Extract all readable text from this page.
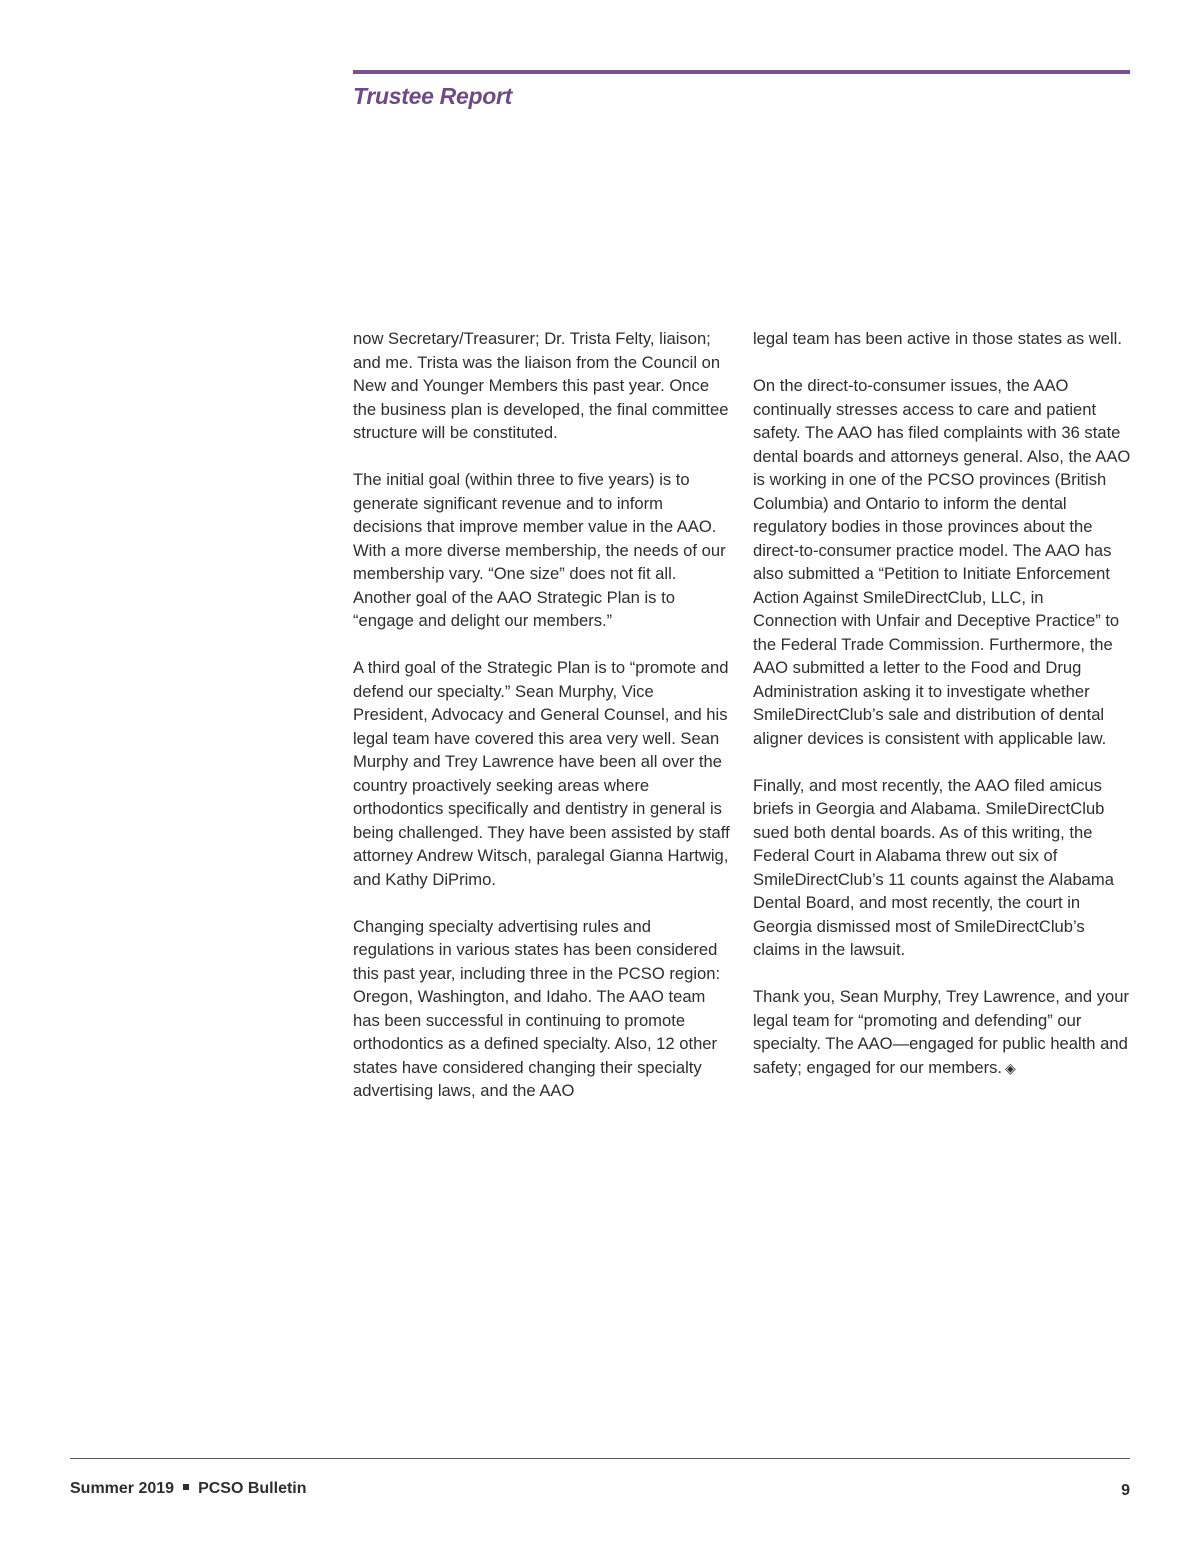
Trustee Report

now Secretary/Treasurer; Dr. Trista Felty, liaison; and me. Trista was the liaison from the Council on New and Younger Members this past year. Once the business plan is developed, the final committee structure will be constituted.

The initial goal (within three to five years) is to generate significant revenue and to inform decisions that improve member value in the AAO. With a more diverse membership, the needs of our membership vary. “One size” does not fit all. Another goal of the AAO Strategic Plan is to “engage and delight our members.”

A third goal of the Strategic Plan is to “promote and defend our specialty.” Sean Murphy, Vice President, Advocacy and General Counsel, and his legal team have covered this area very well. Sean Murphy and Trey Lawrence have been all over the country proactively seeking areas where orthodontics specifically and dentistry in general is being challenged. They have been assisted by staff attorney Andrew Witsch, paralegal Gianna Hartwig, and Kathy DiPrimo.

Changing specialty advertising rules and regulations in various states has been considered this past year, including three in the PCSO region: Oregon, Washington, and Idaho. The AAO team has been successful in continuing to promote orthodontics as a defined specialty. Also, 12 other states have considered changing their specialty advertising laws, and the AAO

legal team has been active in those states as well.

On the direct-to-consumer issues, the AAO continually stresses access to care and patient safety. The AAO has filed complaints with 36 state dental boards and attorneys general. Also, the AAO is working in one of the PCSO provinces (British Columbia) and Ontario to inform the dental regulatory bodies in those provinces about the direct-to-consumer practice model. The AAO has also submitted a “Petition to Initiate Enforcement Action Against SmileDirectClub, LLC, in Connection with Unfair and Deceptive Practice” to the Federal Trade Commission. Furthermore, the AAO submitted a letter to the Food and Drug Administration asking it to investigate whether SmileDirectClub’s sale and distribution of dental aligner devices is consistent with applicable law.

Finally, and most recently, the AAO filed amicus briefs in Georgia and Alabama. SmileDirectClub sued both dental boards. As of this writing, the Federal Court in Alabama threw out six of SmileDirectClub’s 11 counts against the Alabama Dental Board, and most recently, the court in Georgia dismissed most of SmileDirectClub’s claims in the lawsuit.

Thank you, Sean Murphy, Trey Lawrence, and your legal team for “promoting and defending” our specialty. The AAO—engaged for public health and safety; engaged for our members. ◈

Summer 2019 PCSO Bulletin	9
